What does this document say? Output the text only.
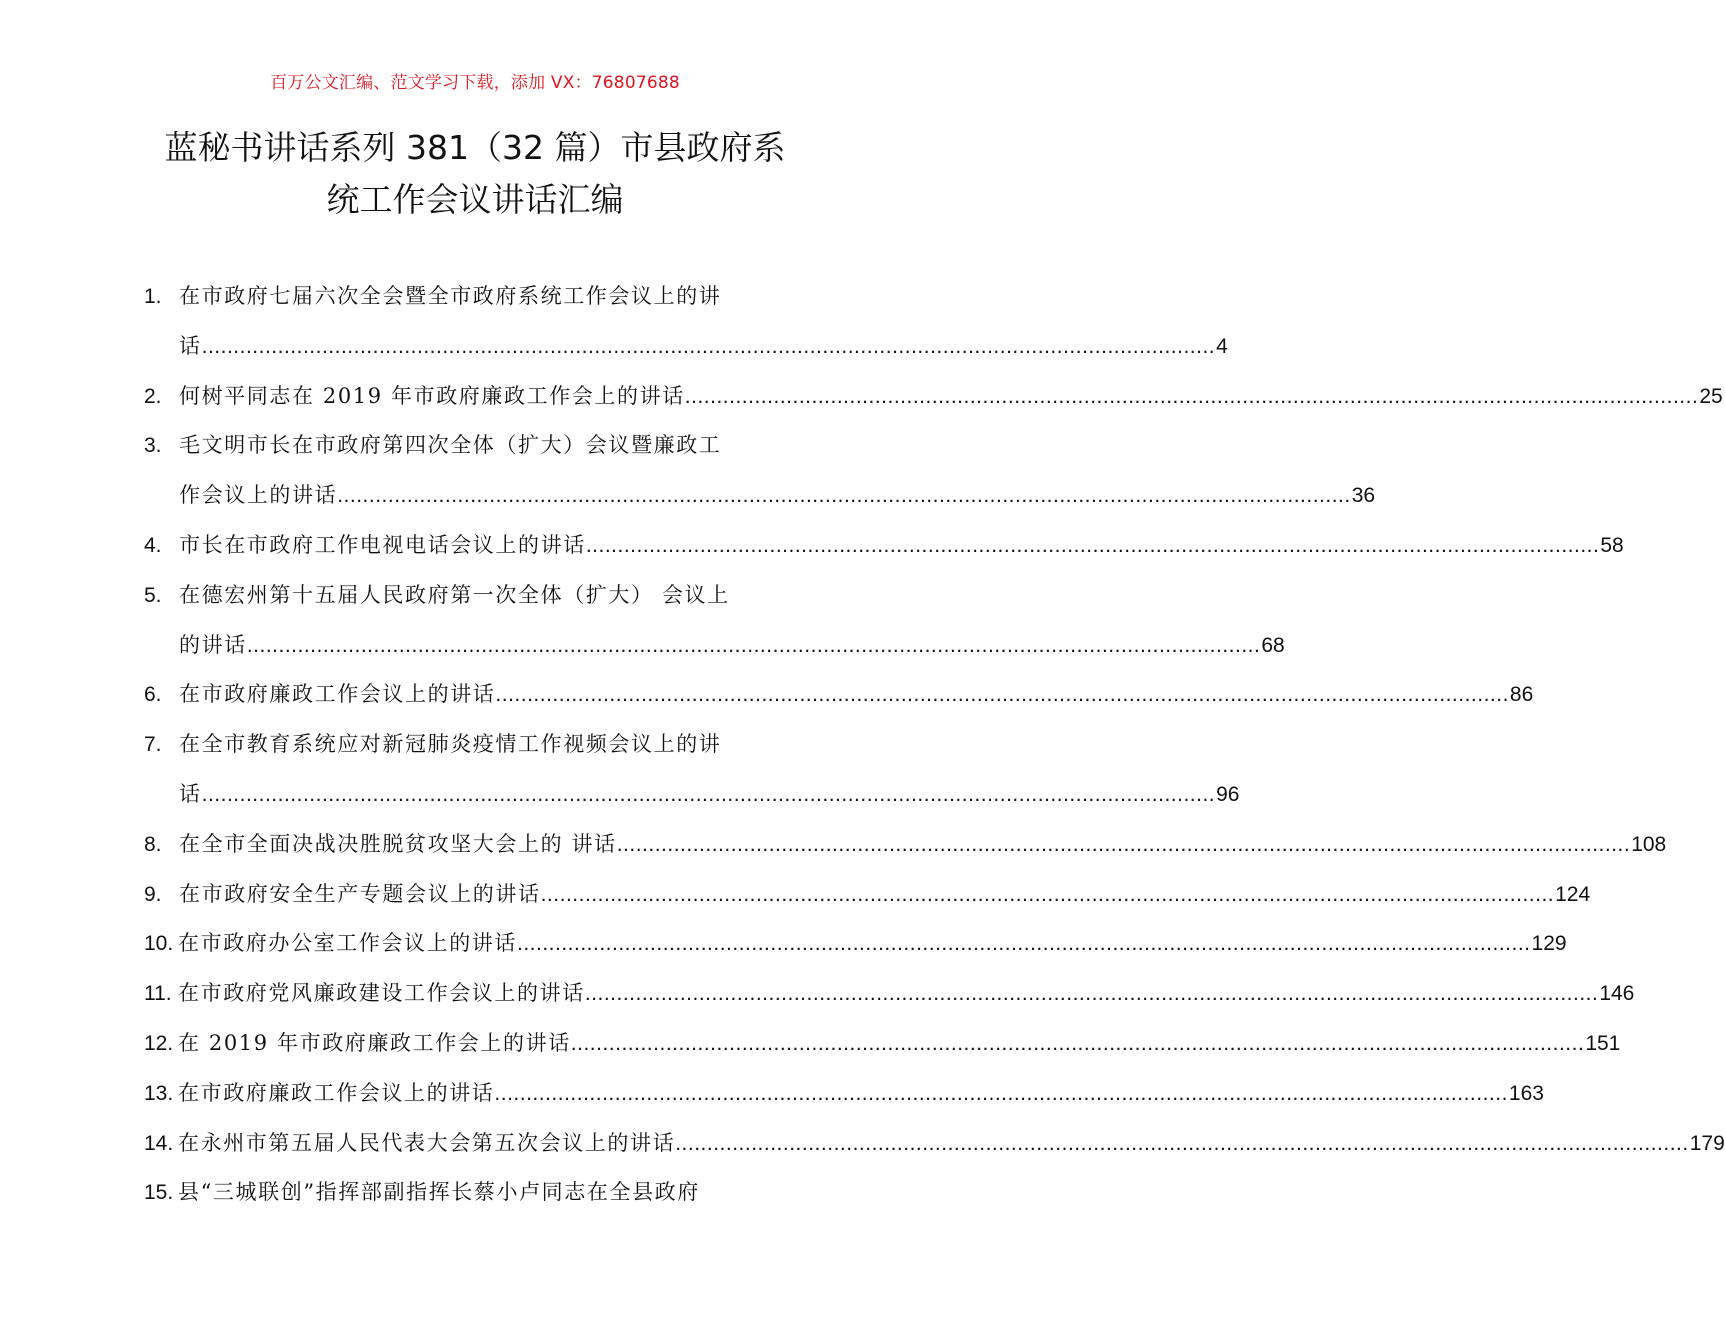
百万公文汇编、范文学习下载，添加 VX：76807688
蓝秘书讲话系列 381（32 篇）市县政府系
统工作会议讲话汇编
1. 在市政府七届六次全会暨全市政府系统工作会议上的讲
话 ................................................................................................................................................................ 4
2. 何树平同志在 2019 年市政府廉政工作会上的讲话 ................................................................................................................................................................ 25
3. 毛文明市长在市政府第四次全体（扩大）会议暨廉政工
作会议上的讲话 ................................................................................................................................................................ 36
4. 市长在市政府工作电视电话会议上的讲话 ................................................................................................................................................................ 58
5. 在德宏州第十五届人民政府第一次全体（扩大） 会议上
的讲话 ................................................................................................................................................................ 68
6. 在市政府廉政工作会议上的讲话 ................................................................................................................................................................ 86
7. 在全市教育系统应对新冠肺炎疫情工作视频会议上的讲
话 ................................................................................................................................................................ 96
8. 在全市全面决战决胜脱贫攻坚大会上的 讲话 ................................................................................................................................................................ 108
9. 在市政府安全生产专题会议上的讲话 ................................................................................................................................................................ 124
10. 在市政府办公室工作会议上的讲话 ................................................................................................................................................................ 129
11. 在市政府党风廉政建设工作会议上的讲话 ................................................................................................................................................................ 146
12. 在 2019 年市政府廉政工作会上的讲话 ................................................................................................................................................................ 151
13. 在市政府廉政工作会议上的讲话 ................................................................................................................................................................ 163
14. 在永州市第五届人民代表大会第五次会议上的讲话 ................................................................................................................................................................ 179
15. 县“三城联创”指挥部副指挥长蔡小卢同志在全县政府
